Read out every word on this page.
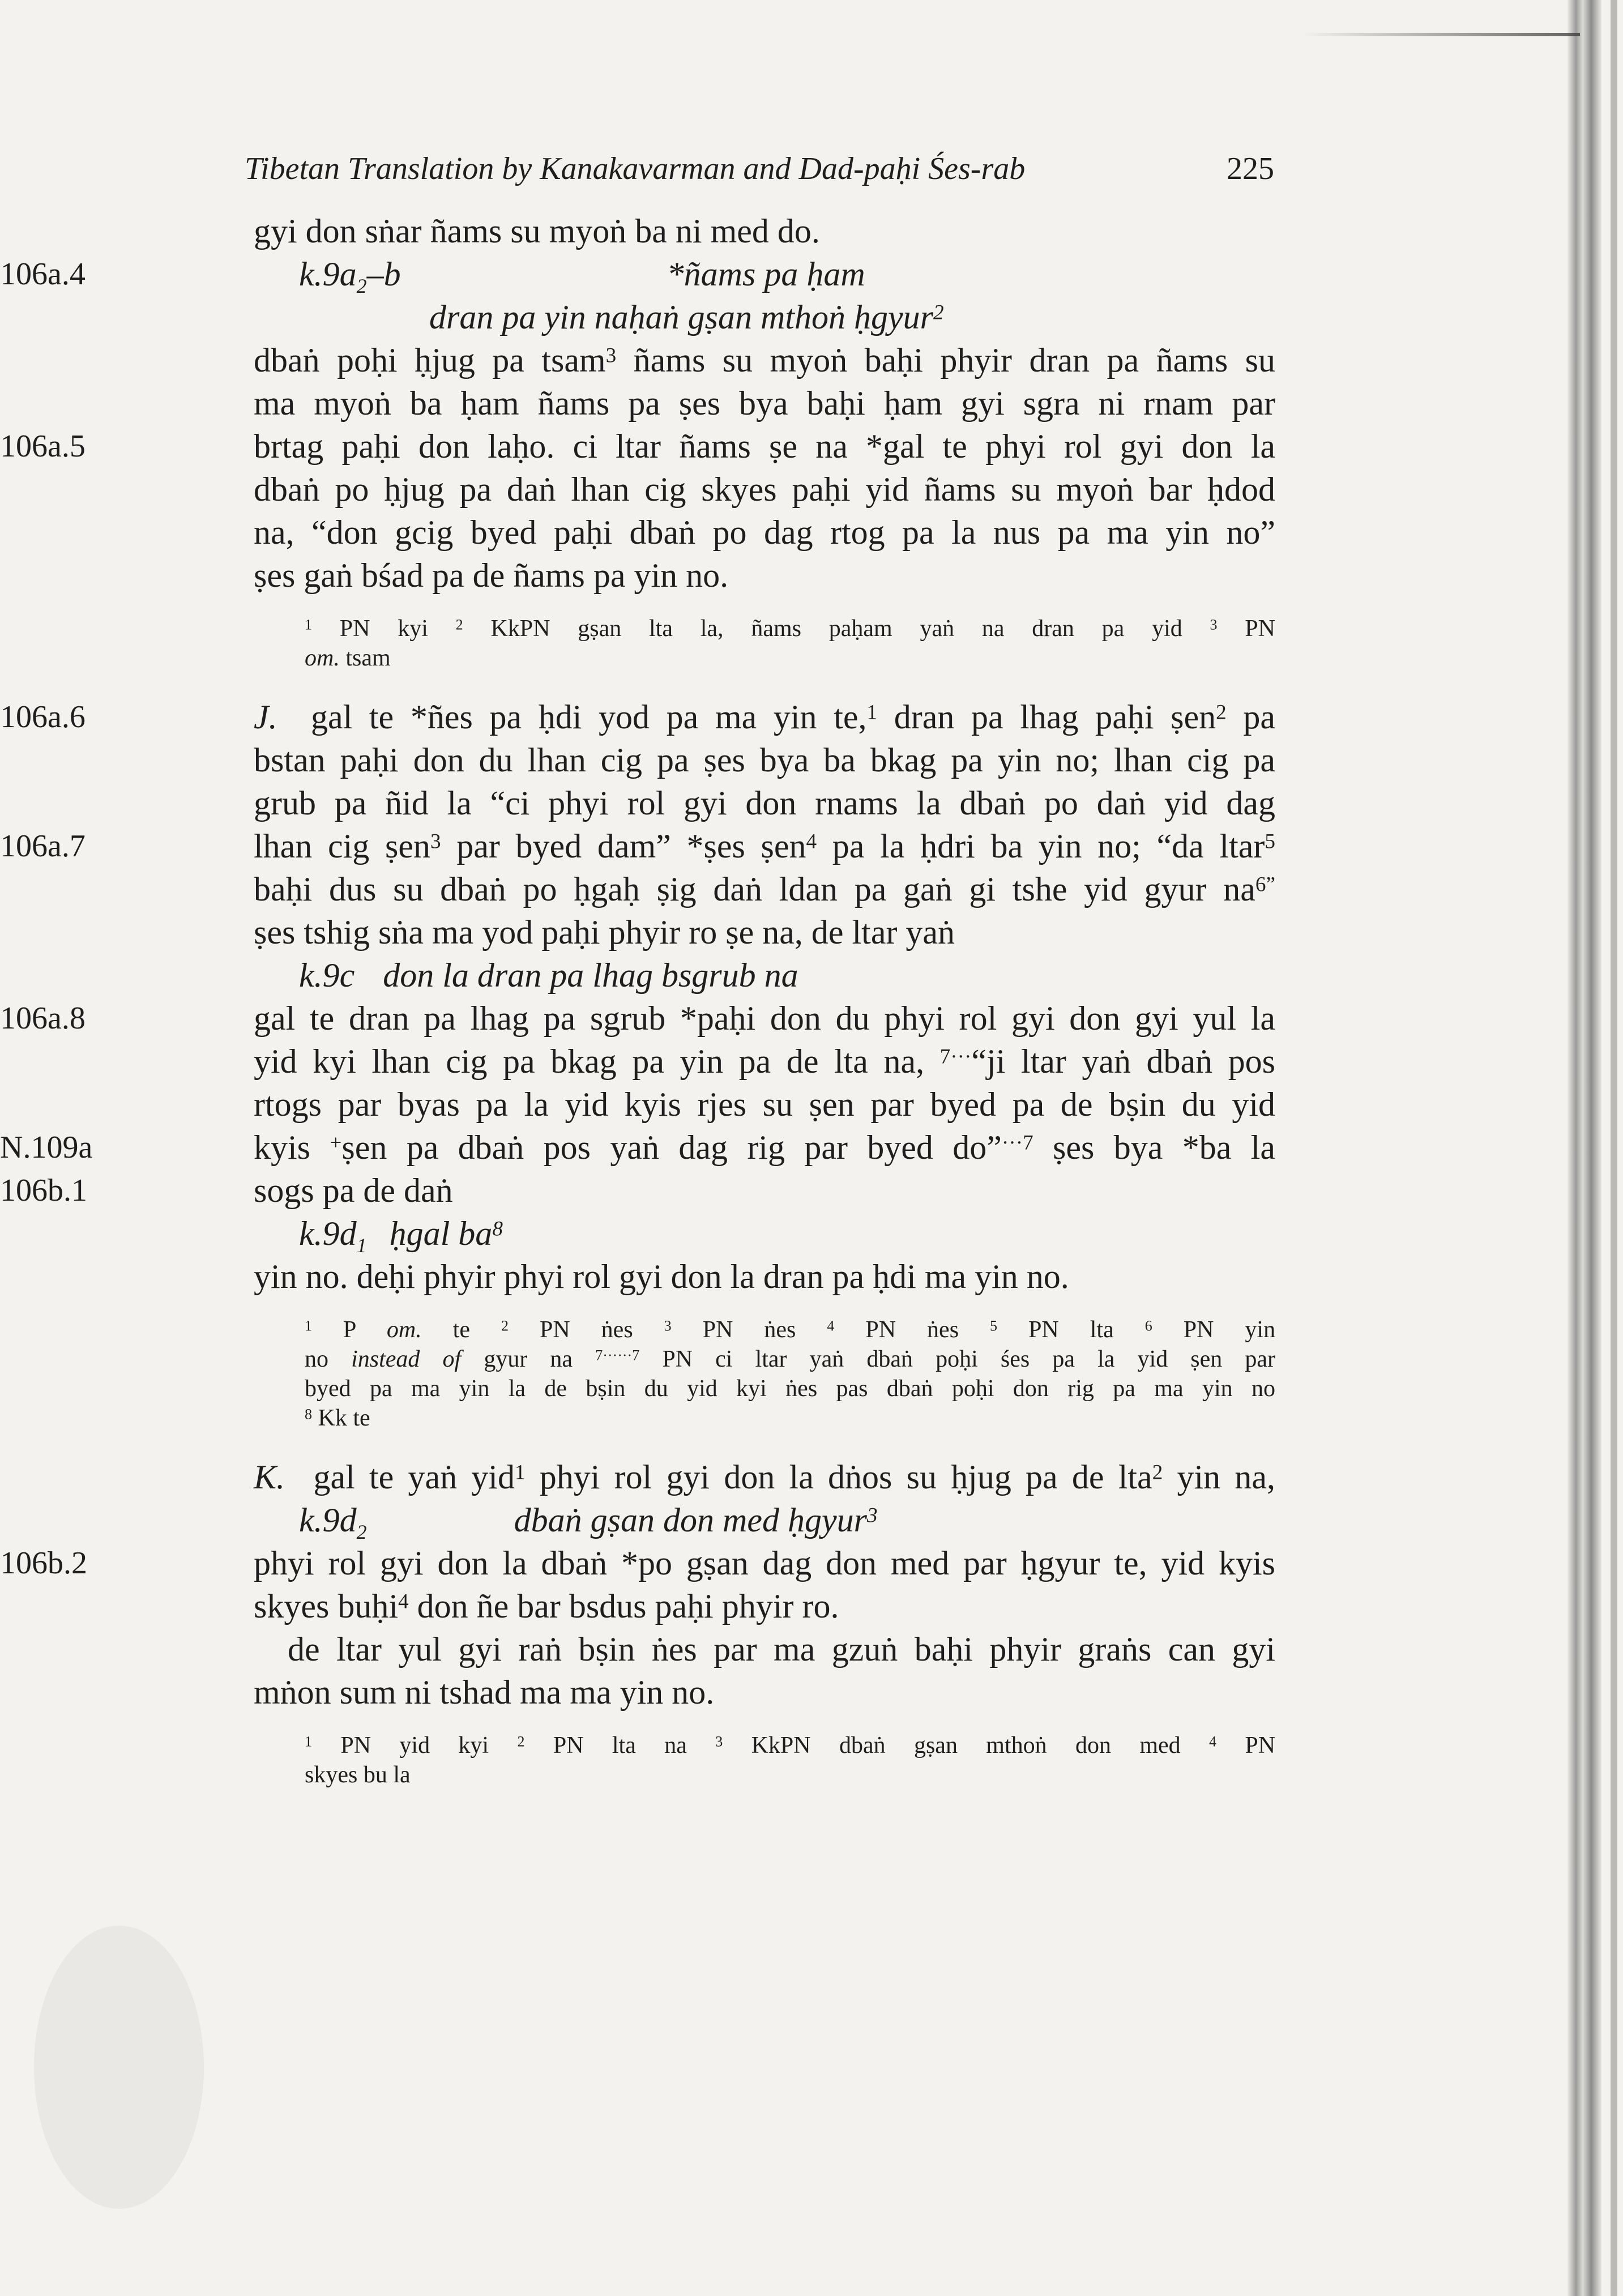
Tibetan Translation by Kanakavarman and Dad-paḥi Śes-rab	225
gyi don sṅar ñams su myoṅ ba ni med do.
106a.4	$k.9a_2-b$	*ñams pa ḥam
dran pa yin naḥaṅ gṣan mthoṅ ḥgyur$^2$
dbaṅ poḥi ḥjug pa tsam$^3$ ñams su myoṅ baḥi phyir dran pa ñams su
ma myoṅ ba ḥam ñams pa ṣes bya baḥi ḥam gyi sgra ni rnam par
106a.5	brtag paḥi don laḥo. ci ltar ñams ṣe na *gal te phyi rol gyi don la
dbaṅ po ḥjug pa daṅ lhan cig skyes paḥi yid ñams su myoṅ bar ḥdod
na, “don gcig byed paḥi dbaṅ po dag rtog pa la nus pa ma yin no”
ṣes gaṅ bśad pa de ñams pa yin no.
$^1$ PN kyi $^2$ KkPN gṣan lta la, ñams paḥam yaṅ na dran pa yid $^3$ PN
om. tsam
106a.6	J. gal te *ñes pa ḥdi yod pa ma yin te,$^1$ dran pa lhag paḥi ṣen$^2$ pa
bstan paḥi don du lhan cig pa ṣes bya ba bkag pa yin no; lhan cig pa
grub pa ñid la “ci phyi rol gyi don rnams la dbaṅ po daṅ yid dag
106a.7	lhan cig ṣen$^3$ par byed dam” *ṣes ṣen$^4$ pa la ḥdri ba yin no; “da ltar$^5$
baḥi dus su dbaṅ po ḥgaḥ ṣig daṅ ldan pa gaṅ gi tshe yid gyur $na^{6”}$
ṣes tshig sṅa ma yod paḥi phyir ro ṣe na, de ltar yaṅ
k.9c don la dran pa lhag bsgrub na
106a.8	gal te dran pa lhag pa sgrub *paḥi don du phyi rol gyi don gyi yul la
yid kyi lhan cig pa bkag pa yin pa de lta na, $^{7\cdot\cdot\cdot}$“ji ltar yaṅ dbaṅ pos
rtogs par byas pa la yid kyis rjes su ṣen par byed pa de bṣin du yid
N.109a	kyis +ṣen pa dbaṅ pos yaṅ dag rig par byed do”$^{\cdot\cdot\cdot 7}$ ṣes bya *ba la
106b.1	sogs pa de daṅ
$k.9d_1$ ḥgal $ba^8$
yin no. deḥi phyir phyi rol gyi don la dran pa ḥdi ma yin no.
$^1$ P om. te $^2$ PN ṅes $^3$ PN ṅes $^4$ PN ṅes $^5$ PN lta $^6$ PN yin
no instead of gyur na $^{7\cdot\cdot\cdot\cdot\cdot\cdot 7}$ PN ci ltar yaṅ dbaṅ poḥi śes pa la yid ṣen par
byed pa ma yin la de bṣin du yid kyi ṅes pas dbaṅ poḥi don rig pa ma yin no
$^8$ Kk te
K. gal te yaṅ yid$^1$ phyi rol gyi don la dṅos su ḥjug pa de lta$^2$ yin na,
$k.9d_2$	dbaṅ gṣan don med ḥgyur$^3$
106b.2	phyi rol gyi don la dbaṅ *po gṣan dag don med par ḥgyur te, yid kyis
skyes buḥi$^4$ don ñe bar bsdus paḥi phyir ro.
de ltar yul gyi raṅ bṣin ṅes par ma gzuṅ baḥi phyir graṅs can gyi
mṅon sum ni tshad ma ma yin no.
$^1$ PN yid kyi $^2$ PN lta na $^3$ KkPN dbaṅ gṣan mthoṅ don med $^4$ PN
skyes bu la
